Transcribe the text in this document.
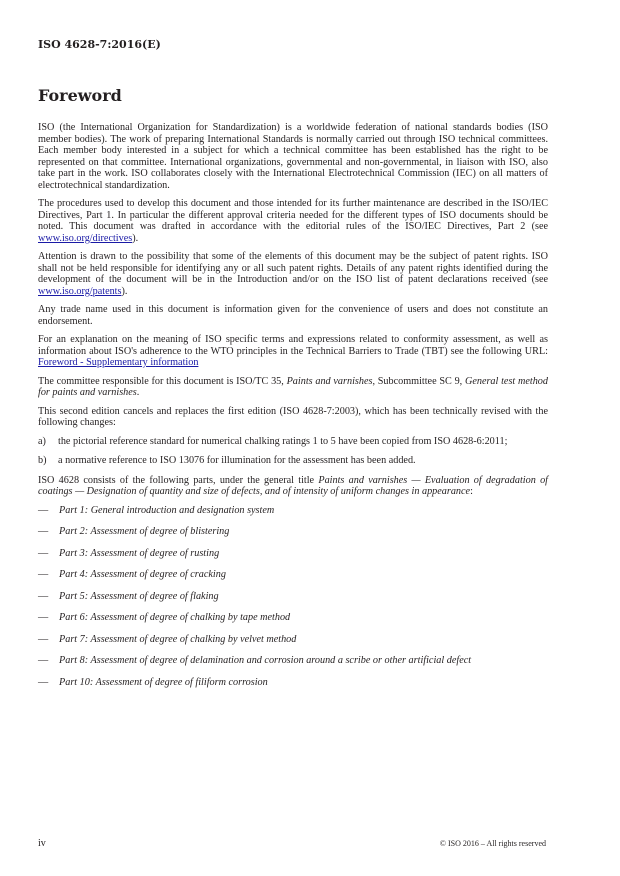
ISO 4628-7:2016(E)
Foreword

ISO (the International Organization for Standardization) is a worldwide federation of national standards bodies (ISO member bodies). The work of preparing International Standards is normally carried out through ISO technical committees. Each member body interested in a subject for which a technical committee has been established has the right to be represented on that committee. International organizations, governmental and non-governmental, in liaison with ISO, also take part in the work. ISO collaborates closely with the International Electrotechnical Commission (IEC) on all matters of electrotechnical standardization.

The procedures used to develop this document and those intended for its further maintenance are described in the ISO/IEC Directives, Part 1. In particular the different approval criteria needed for the different types of ISO documents should be noted. This document was drafted in accordance with the editorial rules of the ISO/IEC Directives, Part 2 (see www.iso.org/directives).

Attention is drawn to the possibility that some of the elements of this document may be the subject of patent rights. ISO shall not be held responsible for identifying any or all such patent rights. Details of any patent rights identified during the development of the document will be in the Introduction and/or on the ISO list of patent declarations received (see www.iso.org/patents).

Any trade name used in this document is information given for the convenience of users and does not constitute an endorsement.

For an explanation on the meaning of ISO specific terms and expressions related to conformity assessment, as well as information about ISO's adherence to the WTO principles in the Technical Barriers to Trade (TBT) see the following URL: Foreword - Supplementary information

The committee responsible for this document is ISO/TC 35, Paints and varnishes, Subcommittee SC 9, General test method for paints and varnishes.

This second edition cancels and replaces the first edition (ISO 4628-7:2003), which has been technically revised with the following changes:

a)	the pictorial reference standard for numerical chalking ratings 1 to 5 have been copied from ISO 4628-6:2011;
b)	a normative reference to ISO 13076 for illumination for the assessment has been added.

ISO 4628 consists of the following parts, under the general title Paints and varnishes — Evaluation of degradation of coatings — Designation of quantity and size of defects, and of intensity of uniform changes in appearance:

—	Part 1: General introduction and designation system
—	Part 2: Assessment of degree of blistering
—	Part 3: Assessment of degree of rusting
—	Part 4: Assessment of degree of cracking
—	Part 5: Assessment of degree of flaking
—	Part 6: Assessment of degree of chalking by tape method
—	Part 7: Assessment of degree of chalking by velvet method
—	Part 8: Assessment of degree of delamination and corrosion around a scribe or other artificial defect
—	Part 10: Assessment of degree of filiform corrosion
iv	© ISO 2016 – All rights reserved
